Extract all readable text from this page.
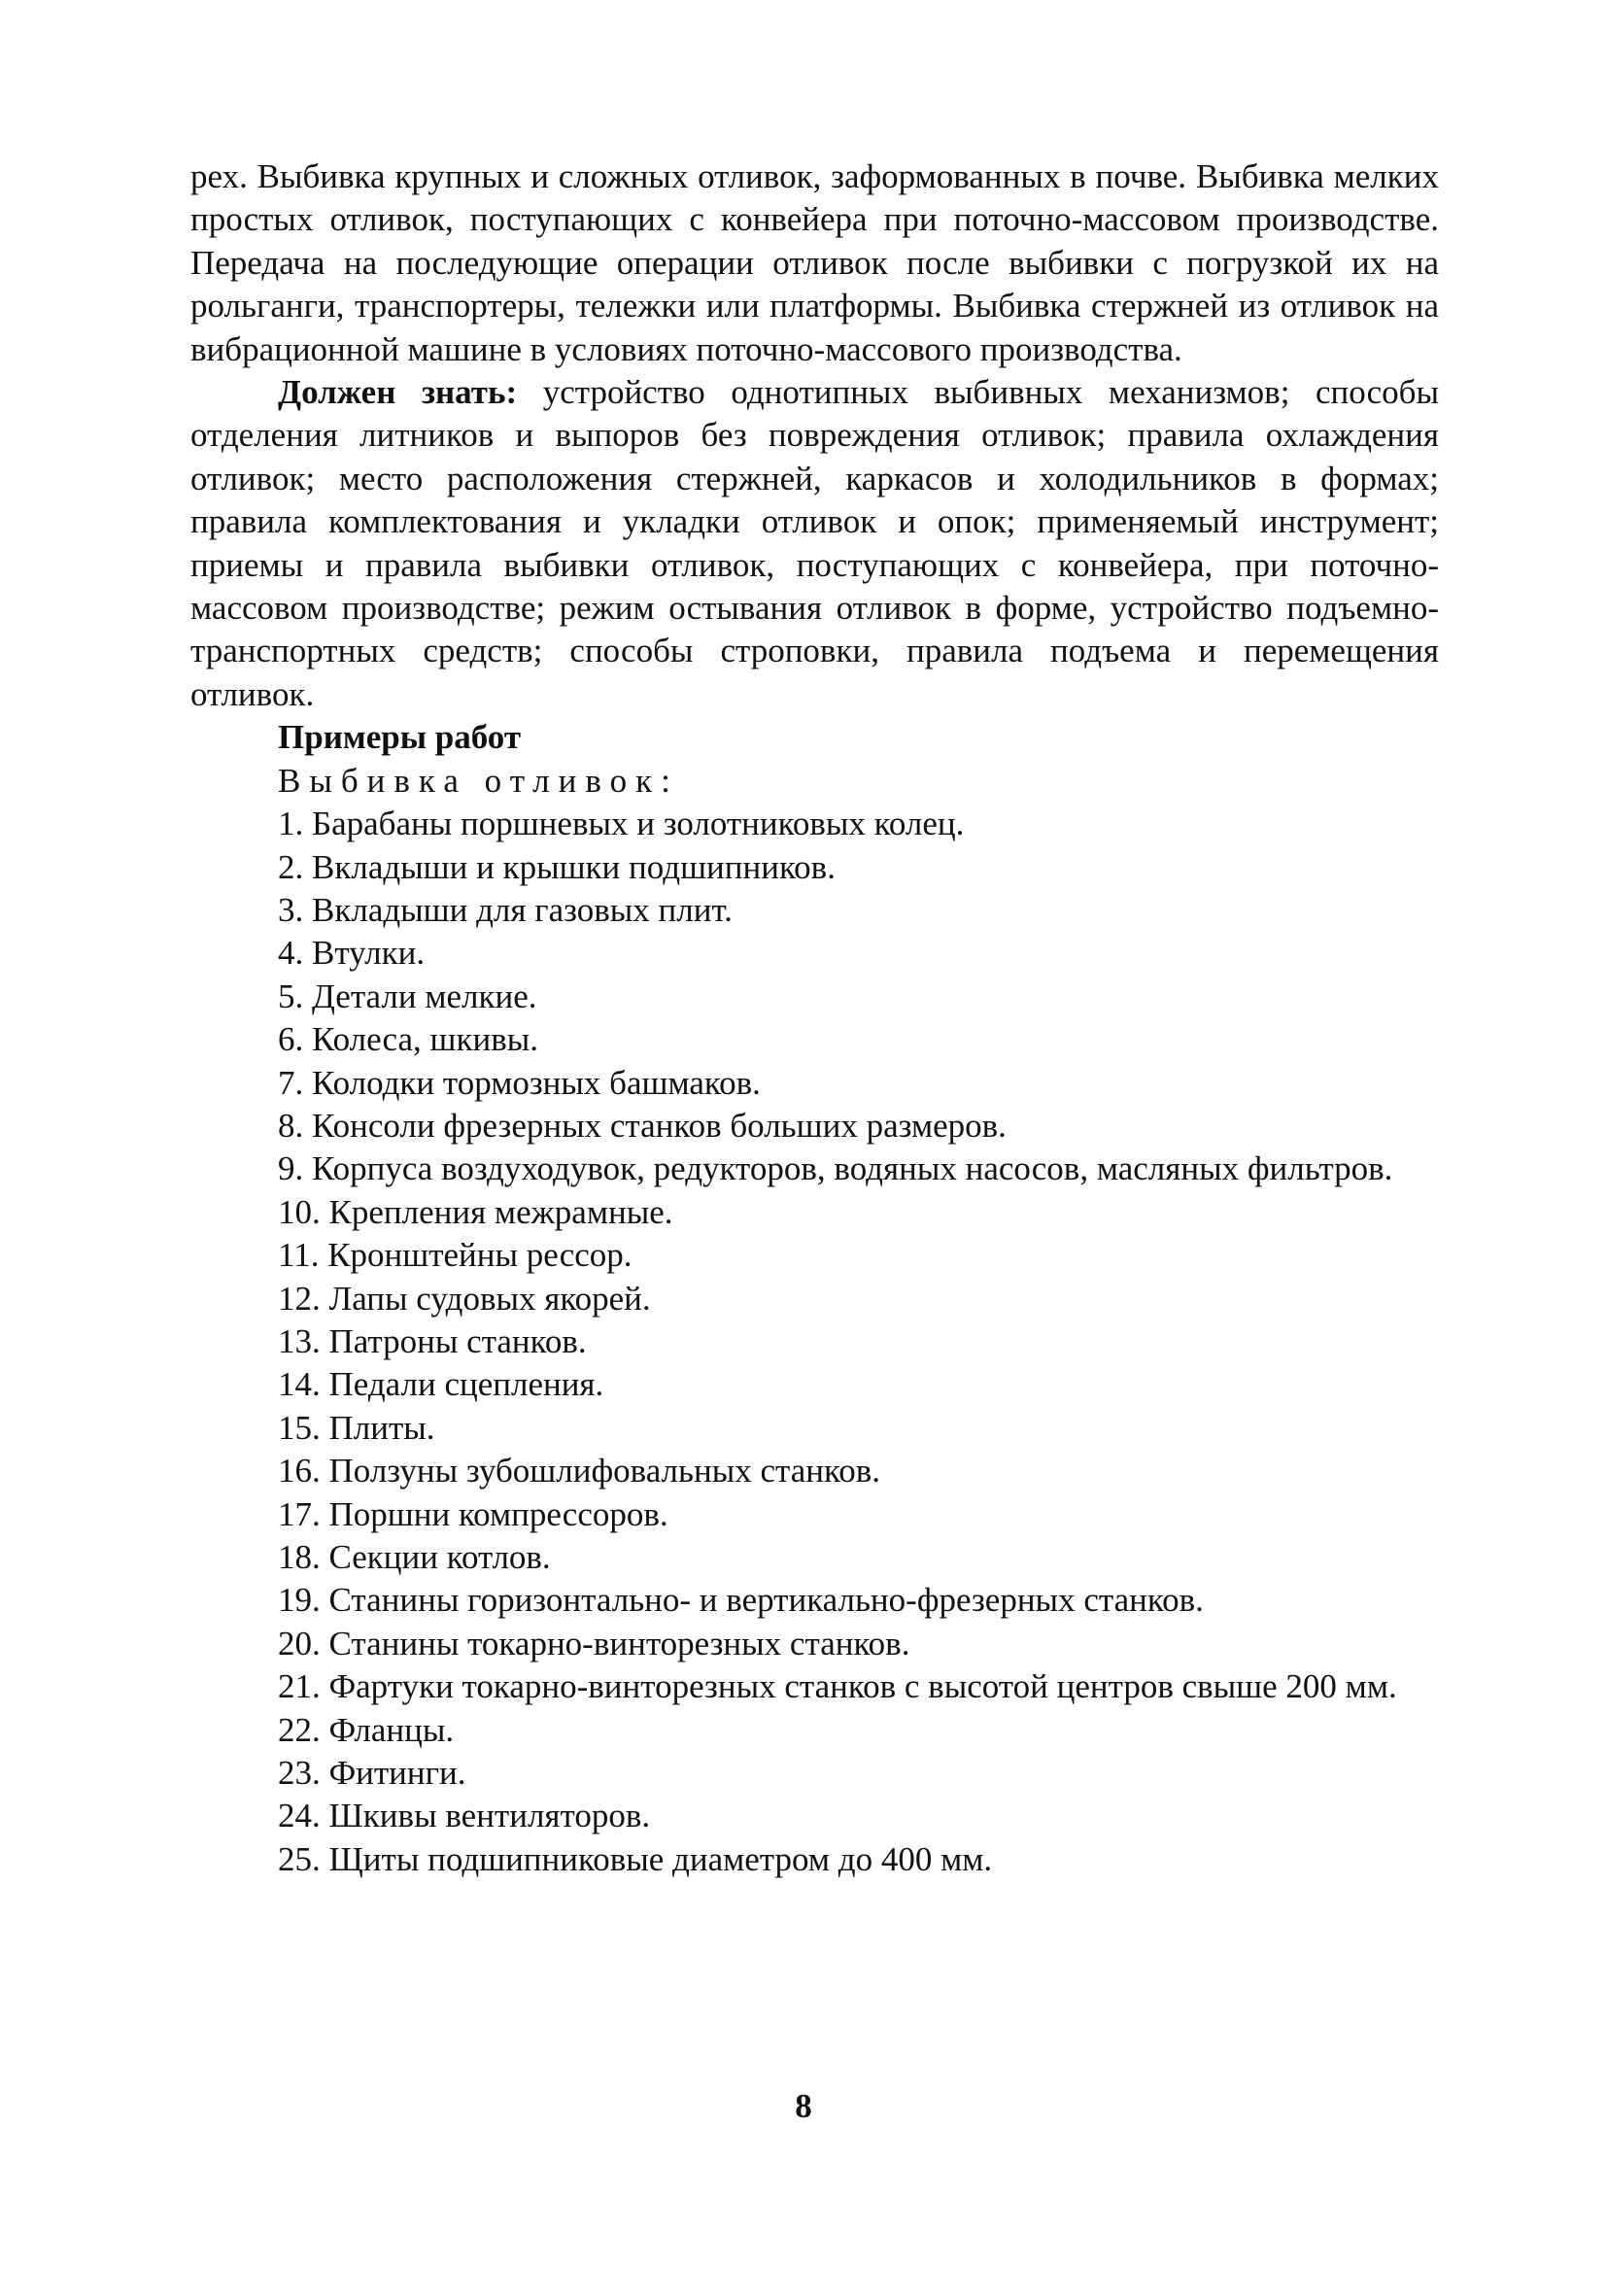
рех. Выбивка крупных и сложных отливок, заформованных в почве. Выбивка мелких простых отливок, поступающих с конвейера при поточно-массовом производстве. Передача на последующие операции отливок после выбивки с погрузкой их на рольганги, транспортеры, тележки или платформы. Выбивка стержней из отливок на вибрационной машине в условиях поточно-массового производства.

Должен знать: устройство однотипных выбивных механизмов; способы отделения литников и выпоров без повреждения отливок; правила охлаждения отливок; место расположения стержней, каркасов и холодильников в формах; правила комплектования и укладки отливок и опок; применяемый инструмент; приемы и правила выбивки отливок, поступающих с конвейера, при поточно-массовом производстве; режим остывания отливок в форме, устройство подъемно-транспортных средств; способы строповки, правила подъема и перемещения отливок.

Примеры работ

Выбивка отливок:

1. Барабаны поршневых и золотниковых колец.
2. Вкладыши и крышки подшипников.
3. Вкладыши для газовых плит.
4. Втулки.
5. Детали мелкие.
6. Колеса, шкивы.
7. Колодки тормозных башмаков.
8. Консоли фрезерных станков больших размеров.
9. Корпуса воздуходувок, редукторов, водяных насосов, масляных фильтров.
10. Крепления межрамные.
11. Кронштейны рессор.
12. Лапы судовых якорей.
13. Патроны станков.
14. Педали сцепления.
15. Плиты.
16. Ползуны зубошлифовальных станков.
17. Поршни компрессоров.
18. Секции котлов.
19. Станины горизонтально- и вертикально-фрезерных станков.
20. Станины токарно-винторезных станков.
21. Фартуки токарно-винторезных станков с высотой центров свыше 200 мм.
22. Фланцы.
23. Фитинги.
24. Шкивы вентиляторов.
25. Щиты подшипниковые диаметром до 400 мм.
8
